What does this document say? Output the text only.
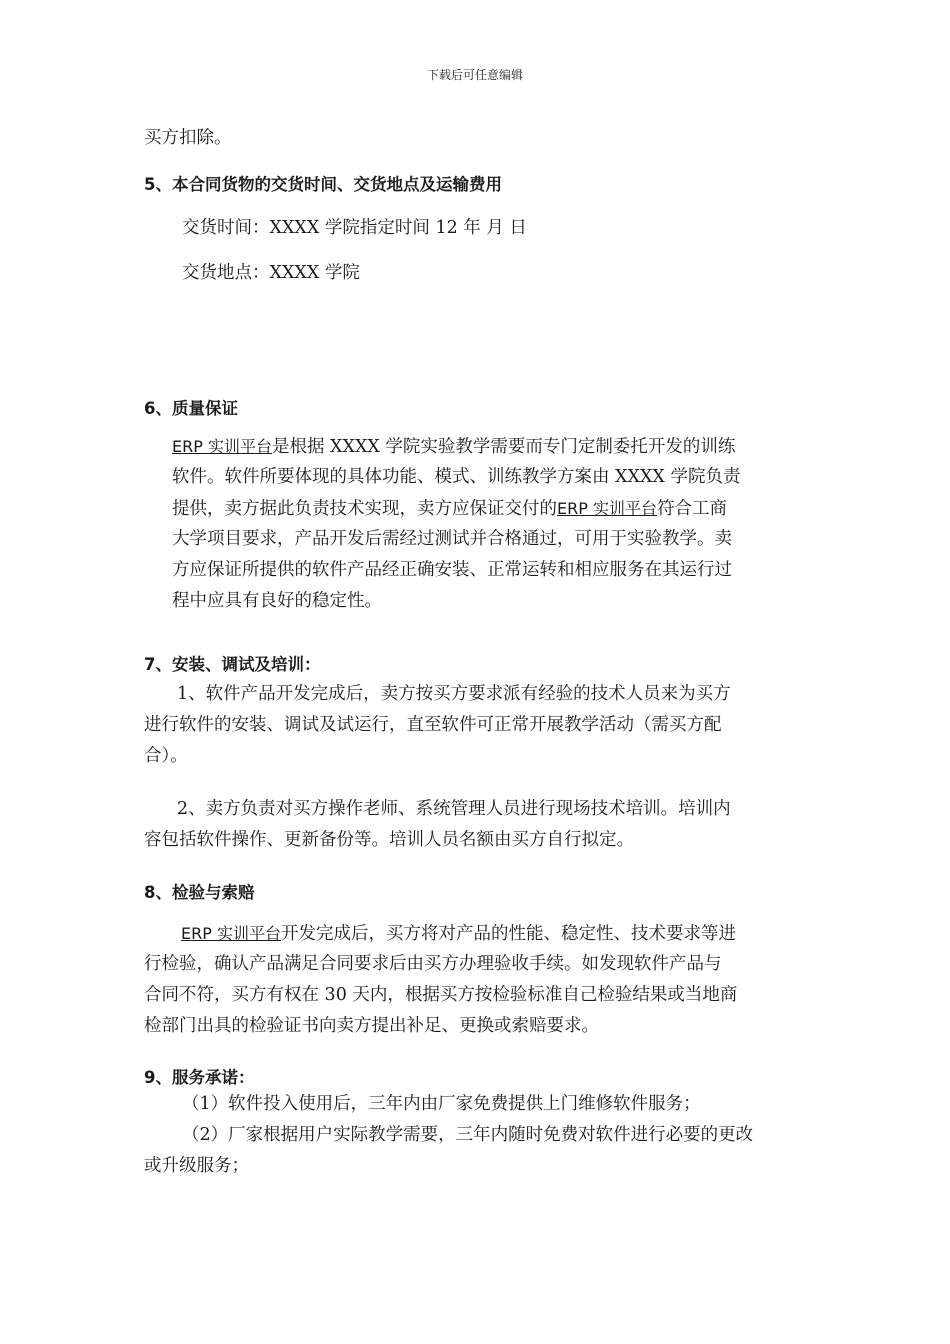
下载后可任意编辑
买方扣除。
5、本合同货物的交货时间、交货地点及运输费用
交货时间：XXXX 学院指定时间 12 年 月 日
交货地点：XXXX 学院
6、质量保证
ERP 实训平台是根据 XXXX 学院实验教学需要而专门定制委托开发的训练
软件。软件所要体现的具体功能、模式、训练教学方案由 XXXX 学院负责
提供，卖方据此负责技术实现，卖方应保证交付的ERP 实训平台符合工商
大学项目要求，产品开发后需经过测试并合格通过，可用于实验教学。卖
方应保证所提供的软件产品经正确安装、正常运转和相应服务在其运行过
程中应具有良好的稳定性。
7、安装、调试及培训：
1、软件产品开发完成后，卖方按买方要求派有经验的技术人员来为买方
进行软件的安装、调试及试运行，直至软件可正常开展教学活动（需买方配
合）。
2、卖方负责对买方操作老师、系统管理人员进行现场技术培训。培训内
容包括软件操作、更新备份等。培训人员名额由买方自行拟定。
8、检验与索赔
ERP 实训平台开发完成后，买方将对产品的性能、稳定性、技术要求等进
行检验，确认产品满足合同要求后由买方办理验收手续。如发现软件产品与
合同不符，买方有权在 30 天内，根据买方按检验标准自己检验结果或当地商
检部门出具的检验证书向卖方提出补足、更换或索赔要求。
9、服务承诺：
（1）软件投入使用后，三年内由厂家免费提供上门维修软件服务；
（2）厂家根据用户实际教学需要，三年内随时免费对软件进行必要的更改
或升级服务；
